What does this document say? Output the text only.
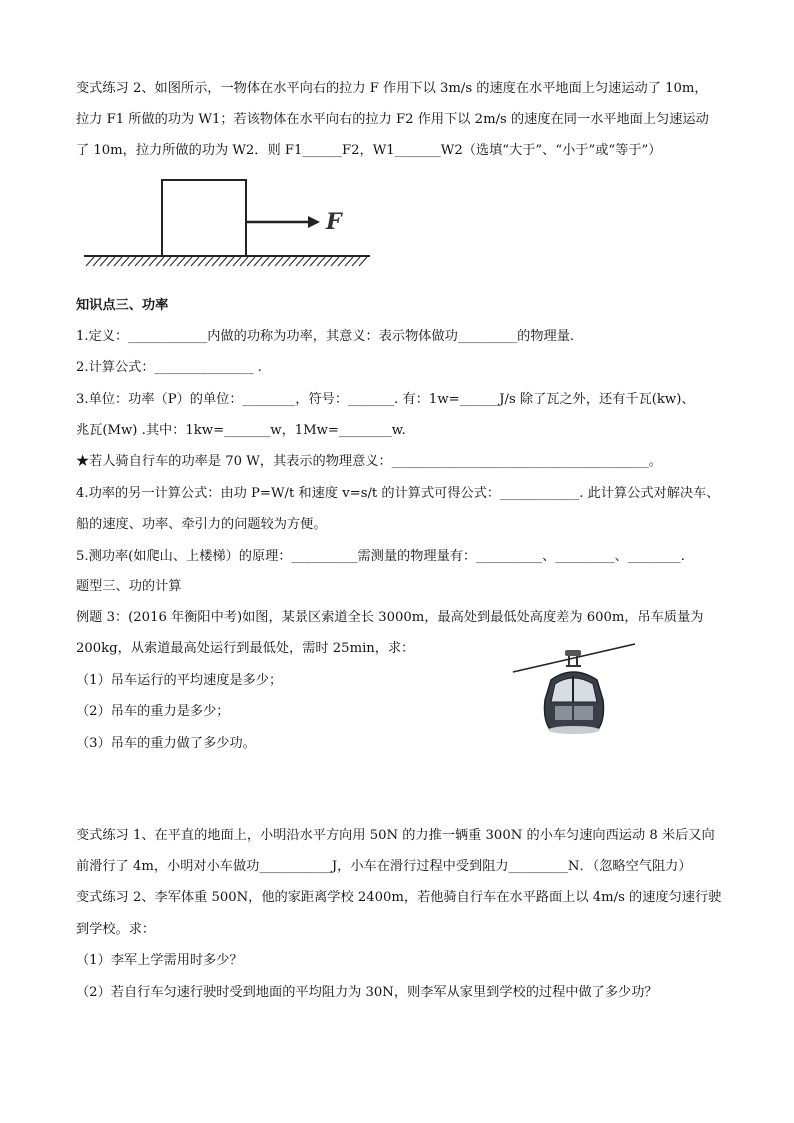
变式练习 2、如图所示，一物体在水平向右的拉力 F 作用下以 3m/s 的速度在水平地面上匀速运动了 10m，
拉力 F1 所做的功为 W1；若该物体在水平向右的拉力 F2 作用下以 2m/s 的速度在同一水平地面上匀速运动
了 10m，拉力所做的功为 W2．则 F1______F2，W1_______W2（选填“大于”、“小于”或“等于”）
F
知识点三、功率
1.定义：____________内做的功称为功率，其意义：表示物体做功_________的物理量.
2.计算公式：_______________ .
3.单位：功率（P）的单位：________，符号：_______. 有：1w=______J/s 除了瓦之外，还有千瓦(kw)、
兆瓦(Mw) .其中：1kw=_______w，1Mw=________w.
★若人骑自行车的功率是 70 W，其表示的物理意义：_______________________________________。
4.功率的另一计算公式：由功 P=W/t 和速度 v=s/t 的计算式可得公式：____________. 此计算公式对解决车、
船的速度、功率、牵引力的问题较为方便。
5.测功率(如爬山、上楼梯）的原理：__________需测量的物理量有：__________、_________、________.
题型三、功的计算
例题 3：(2016 年衡阳中考)如图，某景区索道全长 3000m，最高处到最低处高度差为 600m，吊车质量为
200kg，从索道最高处运行到最低处，需时 25min，求：
（1）吊车运行的平均速度是多少；
（2）吊车的重力是多少；
（3）吊车的重力做了多少功。
变式练习 1、在平直的地面上，小明沿水平方向用 50N 的力推一辆重 300N 的小车匀速向西运动 8 米后又向
前滑行了 4m，小明对小车做功___________J，小车在滑行过程中受到阻力_________N．（忽略空气阻力）
变式练习 2、李军体重 500N，他的家距离学校 2400m，若他骑自行车在水平路面上以 4m/s 的速度匀速行驶
到学校。求：
（1）李军上学需用时多少？
（2）若自行车匀速行驶时受到地面的平均阻力为 30N，则李军从家里到学校的过程中做了多少功？
